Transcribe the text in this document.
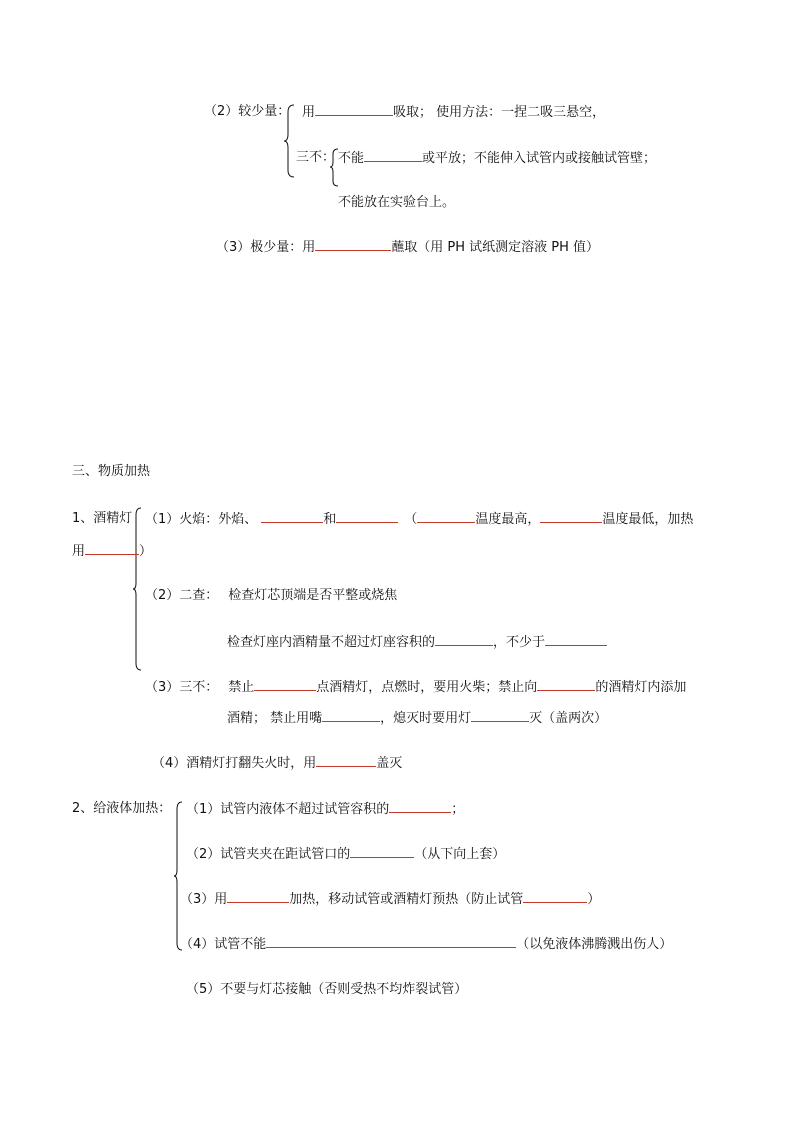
（2）较少量： 用	吸取； 使用方法：一捏二吸三悬空，
三不： 不能	或平放；不能伸入试管内或接触试管壁；
不能放在实验台上。
（3）极少量：用	蘸取（用 PH 试纸测定溶液 PH 值）
三、物质加热
1、酒精灯 （1）火焰：外焰、	和	（	温度最高，	温度最低，加热
用	）
（2）二查： 检查灯芯顶端是否平整或烧焦
检查灯座内酒精量不超过灯座容积的	，不少于
（3）三不： 禁止	点酒精灯，点燃时，要用火柴；禁止向	的酒精灯内添加
酒精； 禁止用嘴	，熄灭时要用灯	灭（盖两次）
（4）酒精灯打翻失火时，用	盖灭
2、给液体加热： （1）试管内液体不超过试管容积的	；
（2）试管夹夹在距试管口的	（从下向上套）
（3）用	加热，移动试管或酒精灯预热（防止试管	）
（4）试管不能	（以免液体沸腾溅出伤人）
（5）不要与灯芯接触（否则受热不均炸裂试管）
